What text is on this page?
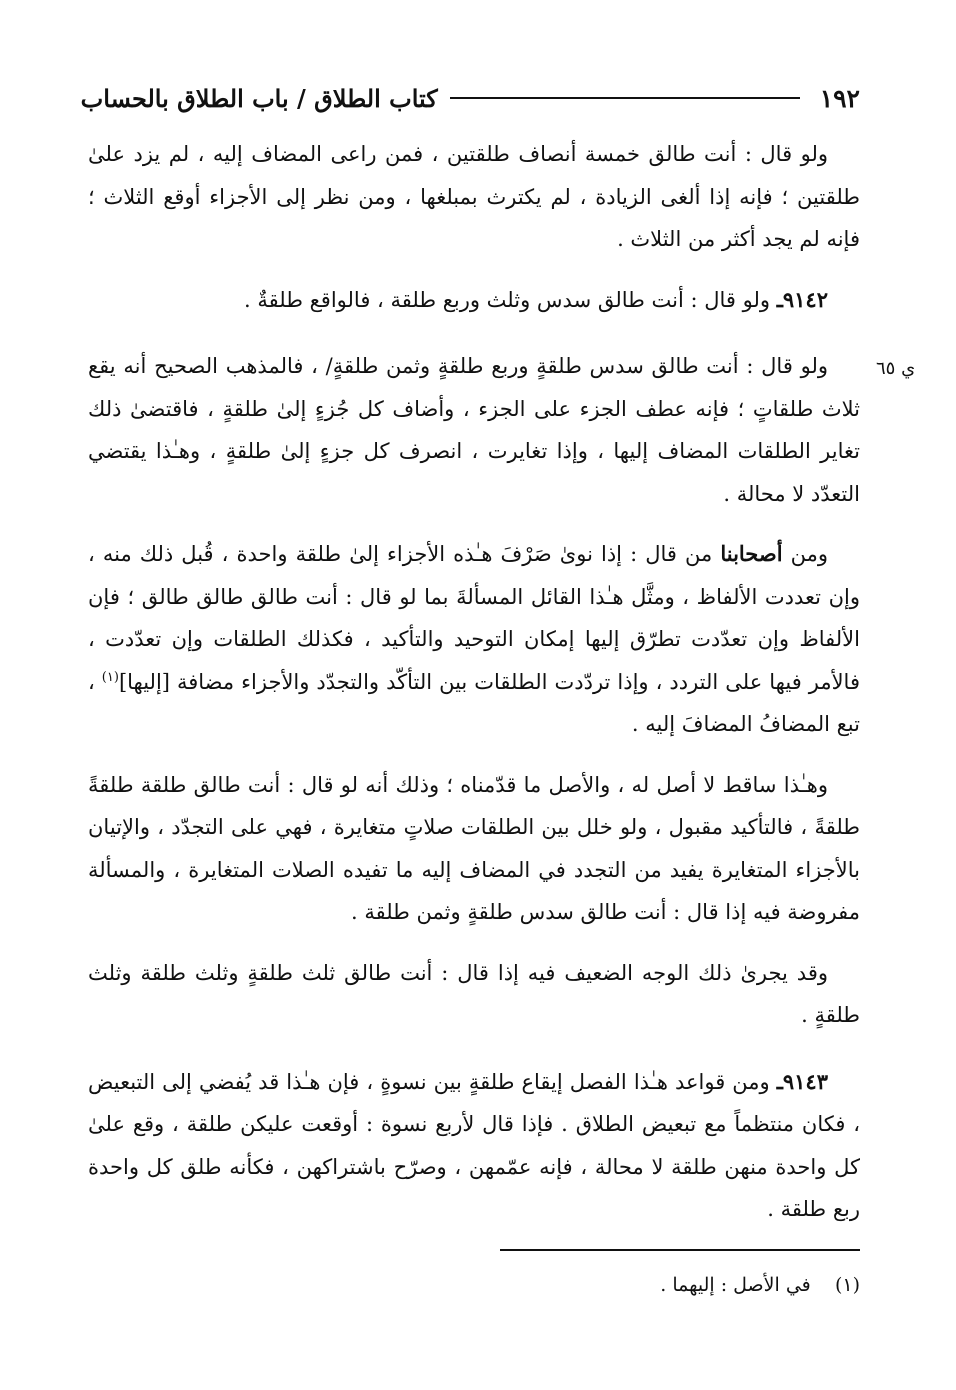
١٩٢
كتاب الطلاق / باب الطلاق بالحساب
ي ٦٥

ولو قال : أنت طالق خمسة أنصاف طلقتين ، فمن راعى المضاف إليه ، لم يزد علىٰ طلقتين ؛ فإنه إذا ألغى الزيادة ، لم يكترث بمبلغها ، ومن نظر إلى الأجزاء أوقع الثلاث ؛ فإنه لم يجد أكثر من الثلاث .

٩١٤٢ـ ولو قال : أنت طالق سدس وثلث وربع طلقة ، فالواقع طلقةٌ .

ولو قال : أنت طالق سدس طلقةٍ وربع طلقةٍ وثمن طلقةٍ/ ، فالمذهب الصحيح أنه يقع ثلاث طلقاتٍ ؛ فإنه عطف الجزء على الجزء ، وأضاف كل جُزءٍ إلىٰ طلقةٍ ، فاقتضىٰ ذلك تغاير الطلقات المضاف إليها ، وإذا تغايرت ، انصرف كل جزءٍ إلىٰ طلقةٍ ، وهـٰذا يقتضي التعدّد لا محالة .

ومن أصحابنا من قال : إذا نوىٰ صَرْفَ هـٰذه الأجزاء إلىٰ طلقة واحدة ، قُبل ذلك منه ، وإن تعددت الألفاظ ، ومثَّل هـٰذا القائل المسألةَ بما لو قال : أنت طالق طالق طالق ؛ فإن الألفاظ وإن تعدّدت تطرّق إليها إمكان التوحيد والتأكيد ، فكذلك الطلقات وإن تعدّدت ، فالأمر فيها على التردد ، وإذا تردّدت الطلقات بين التأكّد والتجدّد والأجزاء مضافة [إليها]$^{(١)}$ ، تبع المضافُ المضافَ إليه .

وهـٰذا ساقط لا أصل له ، والأصل ما قدّمناه ؛ وذلك أنه لو قال : أنت طالق طلقة طلقةً طلقةً ، فالتأكيد مقبول ، ولو خلل بين الطلقات صلاتٍ متغايرة ، فهي على التجدّد ، والإتيان بالأجزاء المتغايرة يفيد من التجدد في المضاف إليه ما تفيده الصلات المتغايرة ، والمسألة مفروضة فيه إذا قال : أنت طالق سدس طلقةٍ وثمن طلقة .

وقد يجرىٰ ذلك الوجه الضعيف فيه إذا قال : أنت طالق ثلث طلقةٍ وثلث طلقة وثلث طلقةٍ .

٩١٤٣ـ ومن قواعد هـٰذا الفصل إيقاع طلقةٍ بين نسوةٍ ، فإن هـٰذا قد يُفضي إلى التبعيض ، فكان منتظماً مع تبعيض الطلاق . فإذا قال لأربع نسوة : أوقعت عليكن طلقة ، وقع علىٰ كل واحدة منهن طلقة لا محالة ، فإنه عمّمهن ، وصرّح باشتراكهن ، فكأنه طلق كل واحدة ربع طلقة .

(١)    في الأصل : إليهما .
